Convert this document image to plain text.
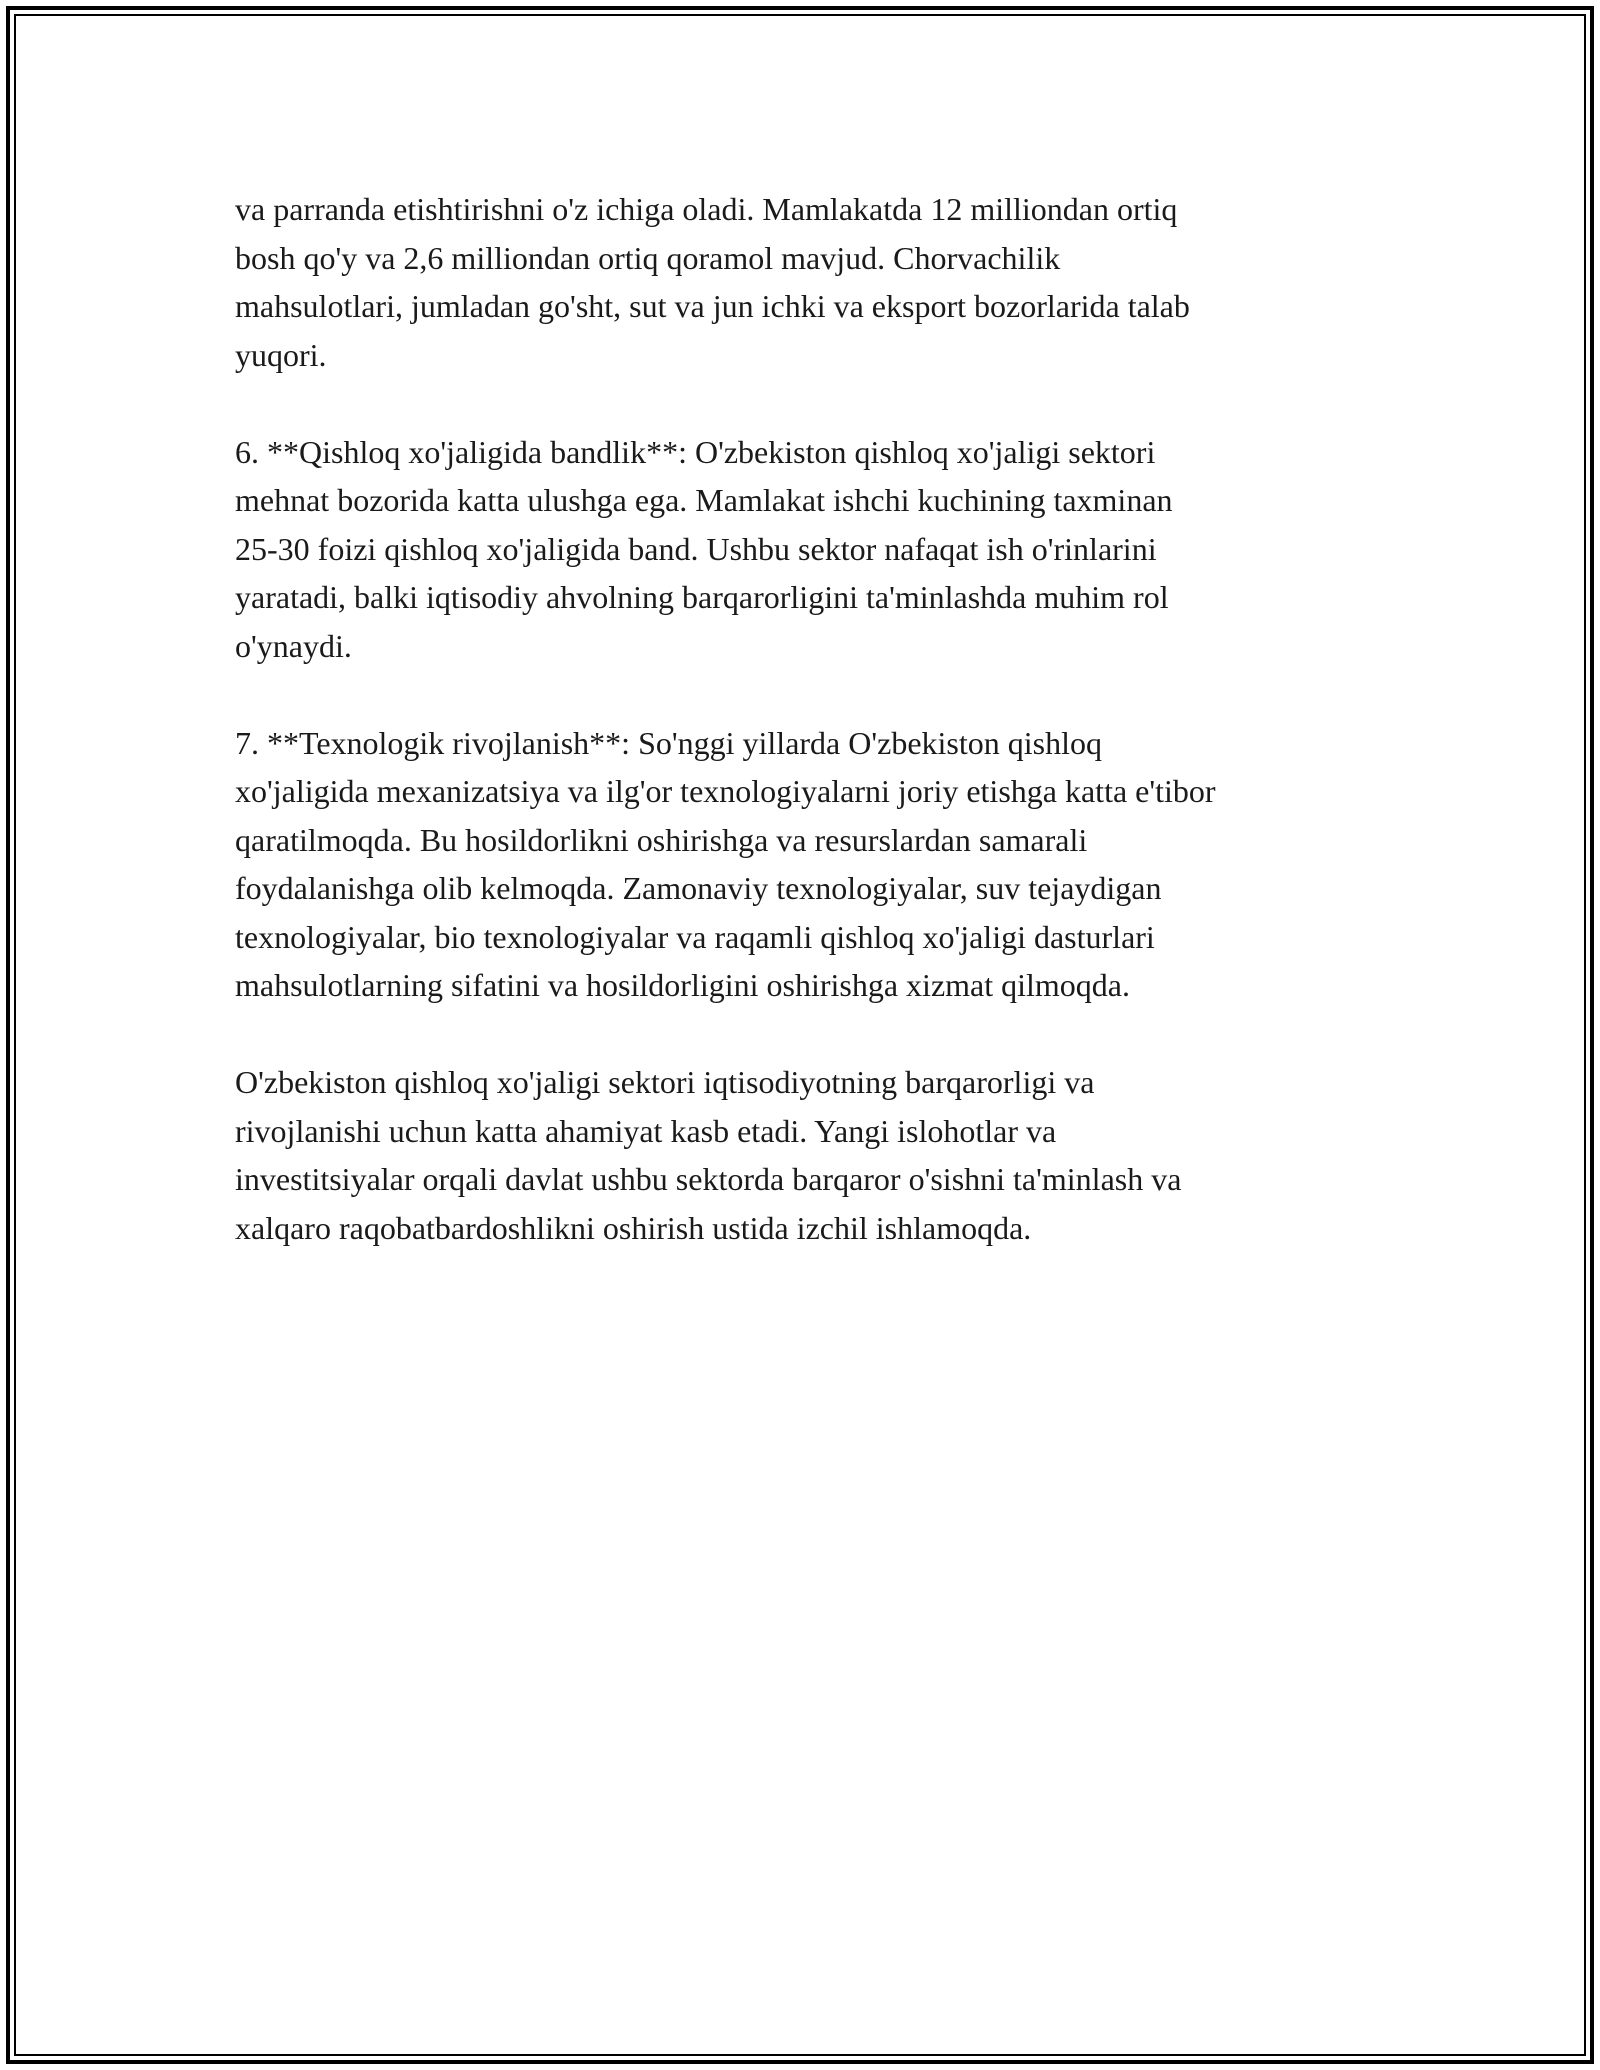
va parranda etishtirishni o'z ichiga oladi. Mamlakatda 12 milliondan ortiq
bosh qo'y va 2,6 milliondan ortiq qoramol mavjud. Chorvachilik
mahsulotlari, jumladan go'sht, sut va jun ichki va eksport bozorlarida talab
yuqori.

6. **Qishloq xo'jaligida bandlik**: O'zbekiston qishloq xo'jaligi sektori
mehnat bozorida katta ulushga ega. Mamlakat ishchi kuchining taxminan
25-30 foizi qishloq xo'jaligida band. Ushbu sektor nafaqat ish o'rinlarini
yaratadi, balki iqtisodiy ahvolning barqarorligini ta'minlashda muhim rol
o'ynaydi.

7. **Texnologik rivojlanish**: So'nggi yillarda O'zbekiston qishloq
xo'jaligida mexanizatsiya va ilg'or texnologiyalarni joriy etishga katta e'tibor
qaratilmoqda. Bu hosildorlikni oshirishga va resurslardan samarali
foydalanishga olib kelmoqda. Zamonaviy texnologiyalar, suv tejaydigan
texnologiyalar, bio texnologiyalar va raqamli qishloq xo'jaligi dasturlari
mahsulotlarning sifatini va hosildorligini oshirishga xizmat qilmoqda.

O'zbekiston qishloq xo'jaligi sektori iqtisodiyotning barqarorligi va
rivojlanishi uchun katta ahamiyat kasb etadi. Yangi islohotlar va
investitsiyalar orqali davlat ushbu sektorda barqaror o'sishni ta'minlash va
xalqaro raqobatbardoshlikni oshirish ustida izchil ishlamoqda.
